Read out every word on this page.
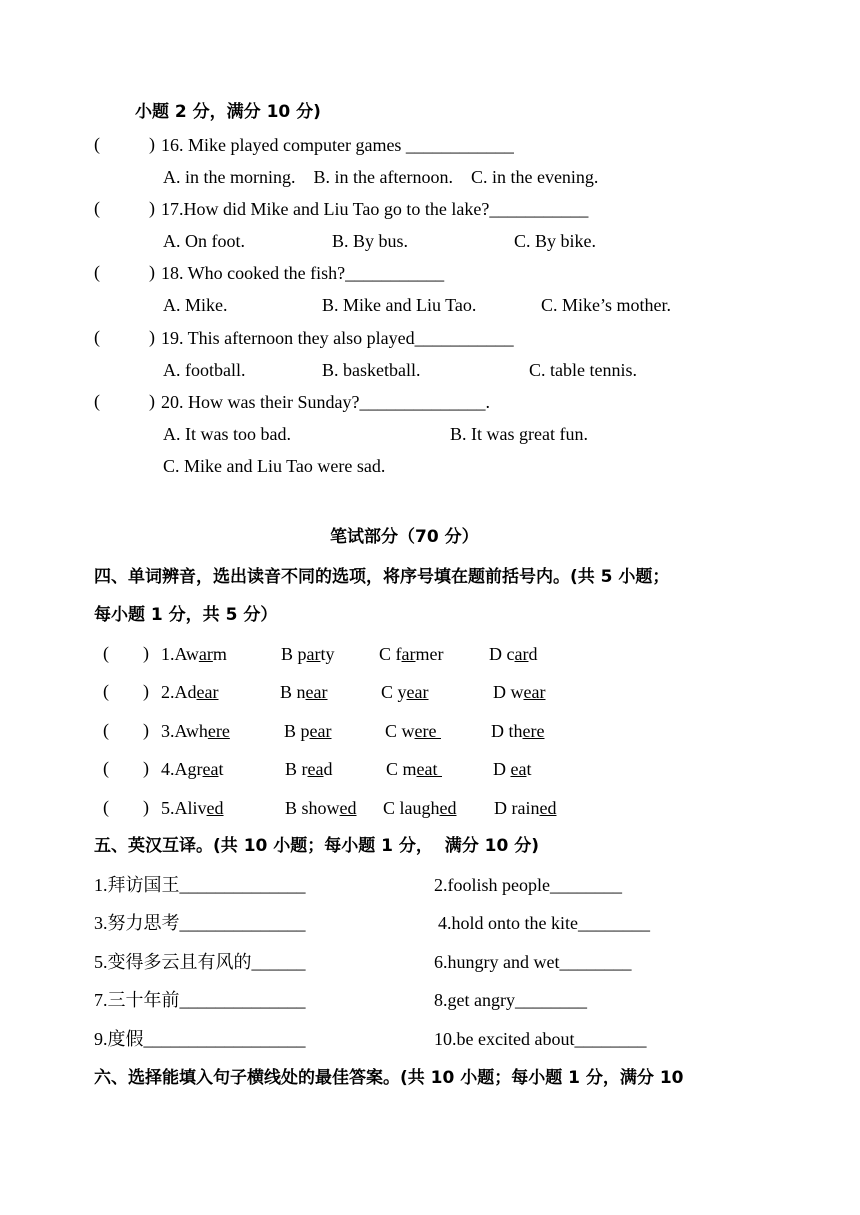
小题 2 分，满分 10 分)
(	) 16. Mike played computer games ____________
A. in the morning.    B. in the afternoon.    C. in the evening.
(	) 17.How did Mike and Liu Tao go to the lake?___________
A. On foot.	B. By bus.	C. By bike.
(	) 18. Who cooked the fish?___________
A. Mike.	B. Mike and Liu Tao.	C. Mike’s mother.
(	) 19. This afternoon they also played___________
A. football.	B. basketball.	C. table tennis.
(	) 20. How was their Sunday?______________.
A. It was too bad.	B. It was great fun.
C. Mike and Liu Tao were sad.
笔试部分（70 分）
四、单词辨音，选出读音不同的选项，将序号填在题前括号内。(共 5 小题；
每小题 1 分，共 5 分）
( ) 1.Awarm	B party C farmer	D card
( ) 2.Adear	B near	C year	D wear
( ) 3.Awhere	B pear	C were	D there
( ) 4.Agreat	B read	C meat	D eat
( ) 5.Alived	B showed C laughed D rained
五、英汉互译。(共 10 小题；每小题 1 分，  满分 10 分)
1.拜访国王______________	2.foolish people________
3.努力思考______________	4.hold onto the kite________
5.变得多云且有风的______	6.hungry and wet________
7.三十年前______________	8.get angry________
9.度假__________________	10.be excited about________
六、选择能填入句子横线处的最佳答案。(共 10 小题；每小题 1 分，满分 10
